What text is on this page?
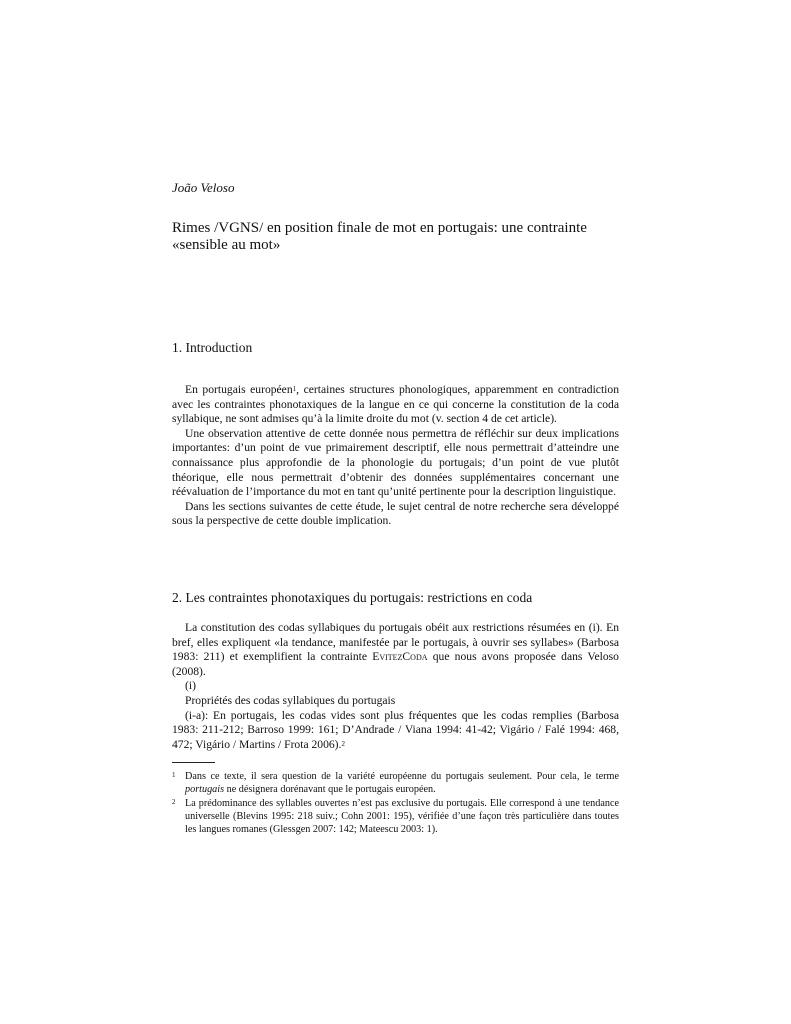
João Veloso
Rimes /VGNS/ en position finale de mot en portugais: une contrainte
«sensible au mot»
1. Introduction

En portugais européen$^1$, certaines structures phonologiques, apparemment en contradiction avec les contraintes phonotaxiques de la langue en ce qui concerne la constitution de la coda syllabique, ne sont admises qu’à la limite droite du mot (v. section 4 de cet article).

Une observation attentive de cette donnée nous permettra de réfléchir sur deux implications importantes: d’un point de vue primairement descriptif, elle nous permettrait d’atteindre une connaissance plus approfondie de la phonologie du portugais; d’un point de vue plutôt théorique, elle nous permettrait d’obtenir des données supplémentaires concernant une réévaluation de l’importance du mot en tant qu’unité pertinente pour la description linguistique.

Dans les sections suivantes de cette étude, le sujet central de notre recherche sera développé sous la perspective de cette double implication.

2. Les contraintes phonotaxiques du portugais: restrictions en coda

La constitution des codas syllabiques du portugais obéit aux restrictions résumées en (i). En bref, elles expliquent «la tendance, manifestée par le portugais, à ouvrir ses syllabes» (Barbosa 1983: 211) et exemplifient la contrainte EvitezCoda que nous avons proposée dans Veloso (2008).

(i)
Propriétés des codas syllabiques du portugais

(i-a): En portugais, les codas vides sont plus fréquentes que les codas remplies (Barbosa 1983: 211-212; Barroso 1999: 161; D’Andrade / Viana 1994: 41-42; Vigário / Falé 1994: 468, 472; Vigário / Martins / Frota 2006).$^2$

1 Dans ce texte, il sera question de la variété européenne du portugais seulement. Pour cela, le terme portugais ne désignera dorénavant que le portugais européen.
2 La prédominance des syllables ouvertes n’est pas exclusive du portugais. Elle correspond à une tendance universelle (Blevins 1995: 218 suiv.; Cohn 2001: 195), vérifiée d’une façon très particulière dans toutes les langues romanes (Glessgen 2007: 142; Mateescu 2003: 1).
